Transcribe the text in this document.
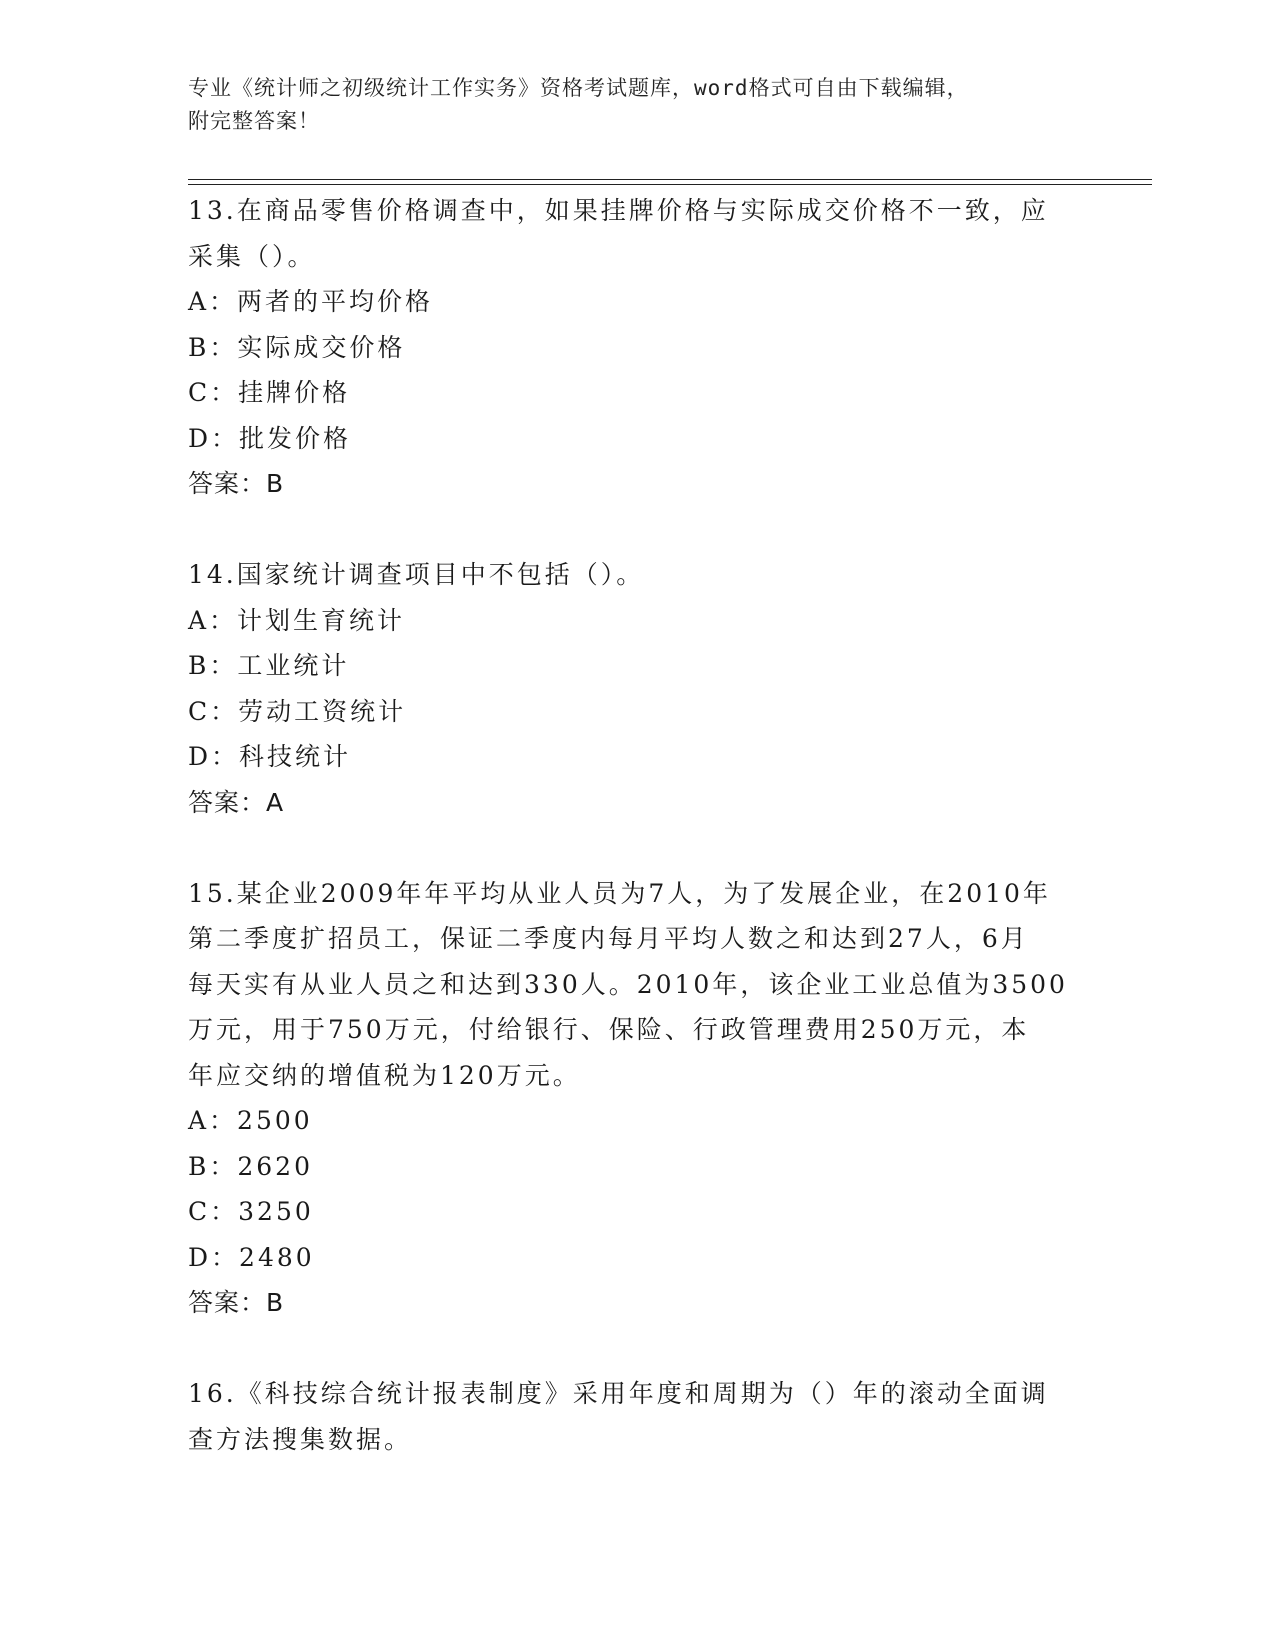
专业《统计师之初级统计工作实务》资格考试题库，word格式可自由下载编辑，

附完整答案！

13.在商品零售价格调查中，如果挂牌价格与实际成交价格不一致，应

采集（）。

A：两者的平均价格

B：实际成交价格

C：挂牌价格

D：批发价格

答案：B

14.国家统计调查项目中不包括（）。

A：计划生育统计

B：工业统计

C：劳动工资统计

D：科技统计

答案：A

15.某企业2009年年平均从业人员为7人，为了发展企业，在2010年

第二季度扩招员工，保证二季度内每月平均人数之和达到27人，6月

每天实有从业人员之和达到330人。2010年，该企业工业总值为3500

万元，用于750万元，付给银行、保险、行政管理费用250万元，本

年应交纳的增值税为120万元。

A：2500

B：2620

C：3250

D：2480

答案：B

16.《科技综合统计报表制度》采用年度和周期为（）年的滚动全面调

查方法搜集数据。
